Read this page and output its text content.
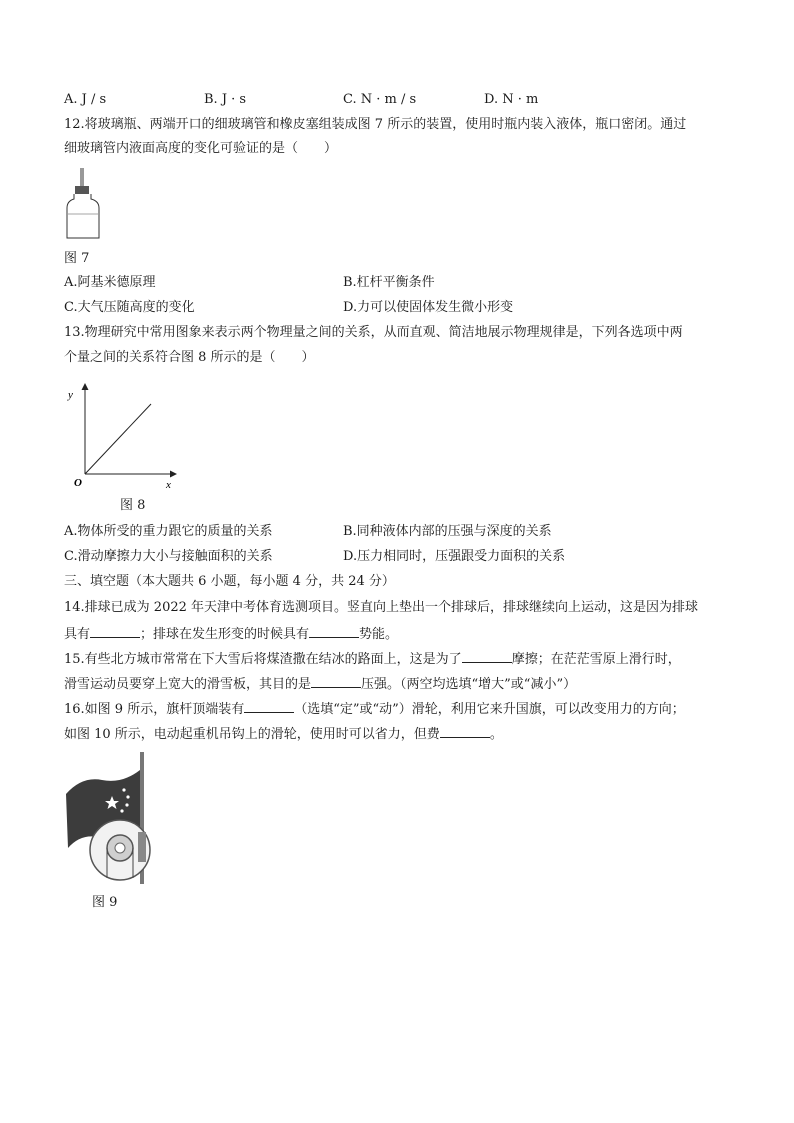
A. J / s	B. J · s	C. N · m / s	D. N · m
12.将玻璃瓶、两端开口的细玻璃管和橡皮塞组装成图 7 所示的装置，使用时瓶内装入液体，瓶口密闭。通过
细玻璃管内液面高度的变化可验证的是（　　）
图 7
A.阿基米德原理	B.杠杆平衡条件
C.大气压随高度的变化	D.力可以使固体发生微小形变
13.物理研究中常用图象来表示两个物理量之间的关系，从而直观、简洁地展示物理规律是，下列各选项中两
个量之间的关系符合图 8 所示的是（　　）
y
x
O
图 8
A.物体所受的重力跟它的质量的关系	B.同种液体内部的压强与深度的关系
C.滑动摩擦力大小与接触面积的关系	D.压力相同时，压强跟受力面积的关系
三、填空题（本大题共 6 小题，每小题 4 分，共 24 分）
14.排球已成为 2022 年天津中考体育选测项目。竖直向上垫出一个排球后，排球继续向上运动，这是因为排球
具有	；排球在发生形变的时候具有	势能。
15.有些北方城市常常在下大雪后将煤渣撒在结冰的路面上，这是为了	摩擦；在茫茫雪原上滑行时，
滑雪运动员要穿上宽大的滑雪板，其目的是	压强。（两空均选填“增大”或“减小”）
16.如图 9 所示，旗杆顶端装有	（选填“定”或“动”）滑轮，利用它来升国旗，可以改变用力的方向；
如图 10 所示，电动起重机吊钩上的滑轮，使用时可以省力，但费	。
图 9
